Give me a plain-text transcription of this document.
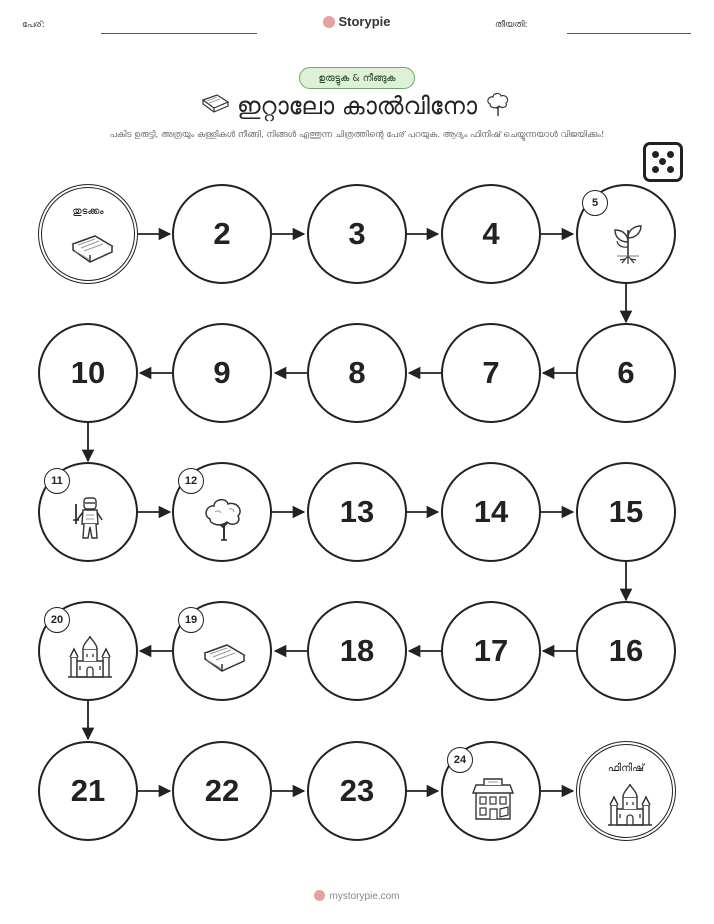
പേര്:	Storypie	തീയതി:
ഉരുട്ടുക & നീങ്ങുക
ഇറ്റാലോ കാൽവിനോ
പകിട ഉരുട്ടി, അത്രയും കള്ളികൾ നീങ്ങി, നിങ്ങൾ എത്തുന്ന ചിത്രത്തിന്റെ പേര് പറയുക. ആദ്യം ഫിനിഷ് ചെയ്യുന്നയാൾ വിജയിക്കും!
തുടക്കം
2	3	4
5
6
7
8
9
10
11	12
13	14	15
16
17
18
19
20
21	22	23
24
ഫിനിഷ്
mystorypie.com
